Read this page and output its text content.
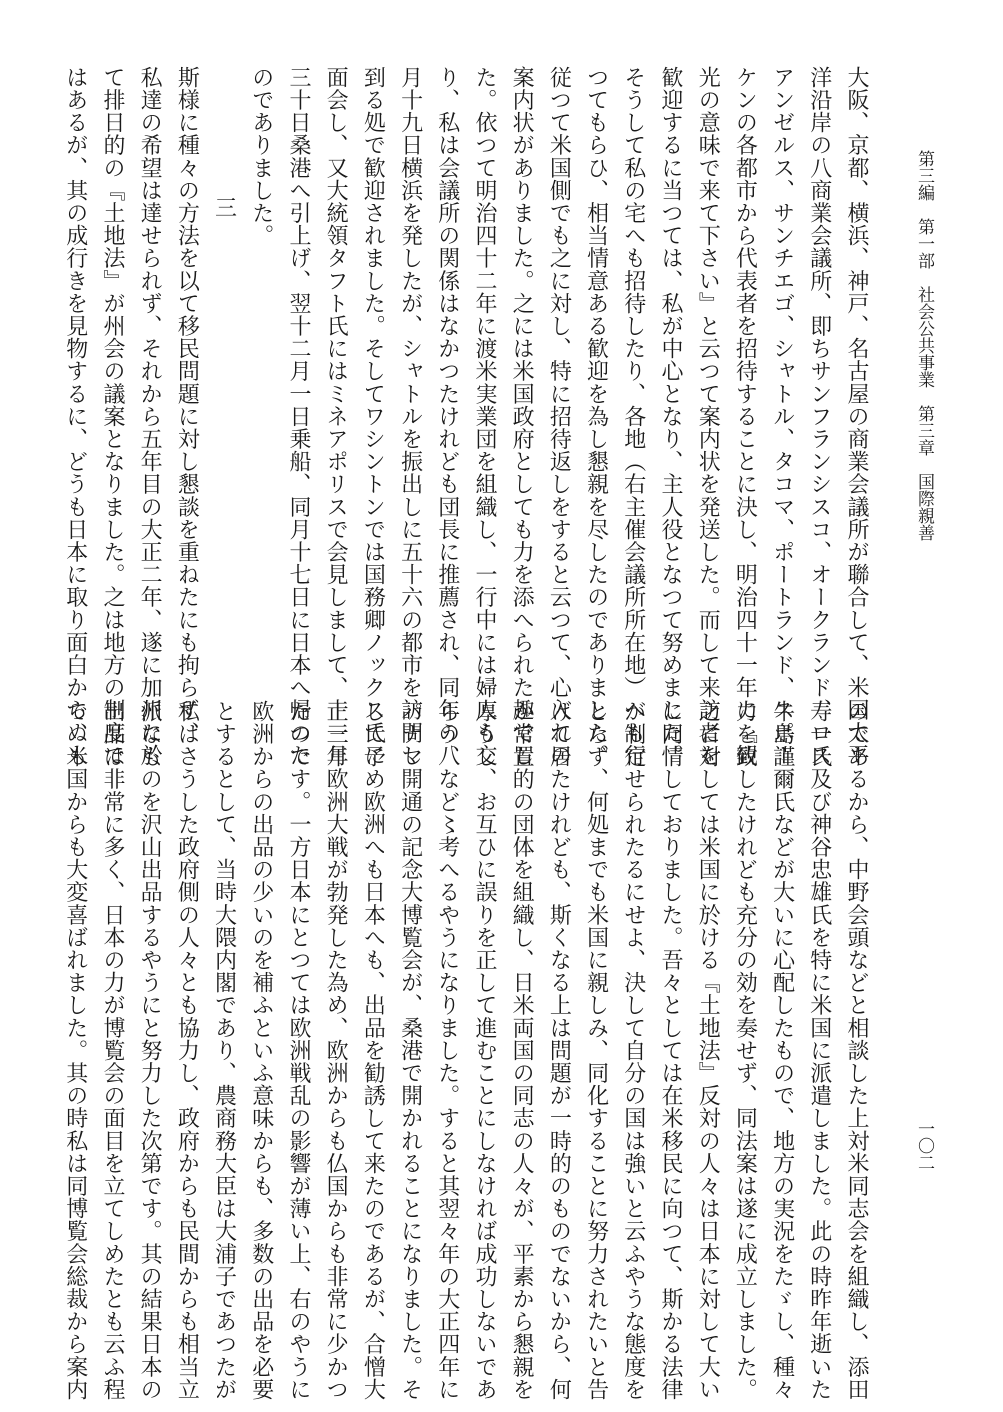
第三編　第一部　社会公共事業　第三章　国際親善
一〇二
大阪、京都、横浜、神戸、名古屋の商業会議所が聯合して、米国太平
洋沿岸の八商業会議所、即ちサンフランシスコ、オークランド、ロス
アンゼルス、サンチエゴ、シャトル、タコマ、ポートランド、スポー
ケンの各都市から代表者を招待することに決し、明治四十一年に『観
光の意味で来て下さい』と云つて案内状を発送した。而して来訪者を
歓迎するに当つては、私が中心となり、主人役となつて努めました。
そうして私の宅へも招待したり、各地（右主催会議所所在地）へも行
つてもらひ、相当情意ある歓迎を為し懇親を尽したのでありました。
従つて米国側でも之に対し、特に招待返しをすると云つて、心入れの
案内状がありました。之には米国政府としても力を添へられた趣でし
た。依つて明治四十二年に渡米実業団を組織し、一行中には婦人も交
り、私は会議所の関係はなかつたけれども団長に推薦され、同年の八
月十九日横浜を発したが、シャトルを振出しに五十六の都市を訪問し
到る処で歓迎されました。そしてワシントンでは国務卿ノックス氏に
面会し、又大統領タフト氏にはミネアポリスで会見しまして、十一月
三十日桑港へ引上げ、翌十二月一日乗船、同月十七日に日本へ帰つた
のでありました。
三
斯様に種々の方法を以て移民問題に対し懇談を重ねたにも拘らず、
私達の希望は達せられず、それから五年目の大正二年、遂に加州に於
て排日的の『土地法』が州会の議案となりました。之は地方の制度で
はあるが、其の成行きを見物するに、どうも日本に取り面白からぬも
のであるから、中野会頭などと相談した上対米同志会を組織し、添田
寿一氏及び神谷忠雄氏を特に米国に派遣しました。此の時昨年逝いた
牛島謹爾氏などが大いに心配したもので、地方の実況をたゞし、種々
力を致したけれども充分の効を奏せず、同法案は遂に成立しました。
之に対しては米国に於ける『土地法』反対の人々は日本に対して大い
に同情しておりました。吾々としては在米移民に向つて、斯かる法律
が制定せられたるにせよ、決して自分の国は強いと云ふやうな態度を
とらず、何処までも米国に親しみ、同化することに努力されたいと告
げて居たけれども、斯くなる上は問題が一時的のものでないから、何
か常置的の団体を組織し、日米両国の同志の人々が、平素から懇親を
厚うし、お互ひに誤りを正して進むことにしなければ成功しないであ
らう、など〻考へるやうになりました。すると其翌々年の大正四年に
パナマ開通の記念大博覧会が、桑港で開かれることになりました。そ
して予め欧洲へも日本へも、出品を勧誘して来たのであるが、合憎大
正三年欧洲大戦が勃発した為め、欧洲からも仏国からも非常に少かつ
たのです。一方日本にとつては欧洲戦乱の影響が薄い上、右のやうに
欧洲からの出品の少いのを補ふといふ意味からも、多数の出品を必要
とするとして、当時大隈内閣であり、農商務大臣は大浦子であつたが
私はさうした政府側の人々とも協力し、政府からも民間からも相当立
派なものを沢山出品するやうにと努力した次第です。其の結果日本の
出品は非常に多く、日本の力が博覧会の面目を立てしめたとも云ふ程
で、米国からも大変喜ばれました。其の時私は同博覧会総裁から案内
